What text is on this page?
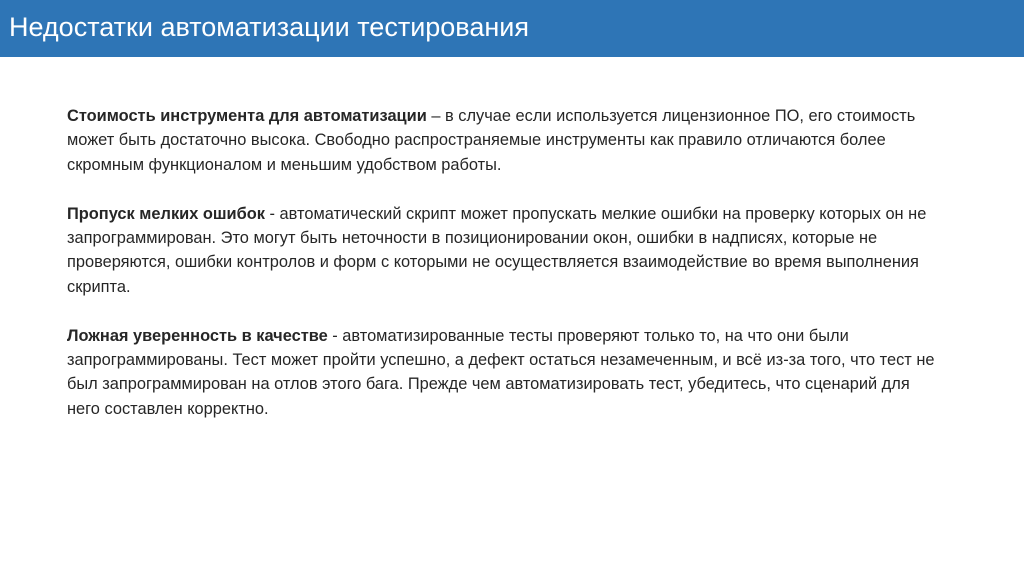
Недостатки автоматизации тестирования

Стоимость инструмента для автоматизации – в случае если используется лицензионное ПО, его стоимость может быть достаточно высока. Свободно распространяемые инструменты как правило отличаются более скромным функционалом и меньшим удобством работы.

Пропуск мелких ошибок - автоматический скрипт может пропускать мелкие ошибки на проверку которых он не запрограммирован. Это могут быть неточности в позиционировании окон, ошибки в надписях, которые не проверяются, ошибки контролов и форм с которыми не осуществляется взаимодействие во время выполнения скрипта.

Ложная уверенность в качестве - автоматизированные тесты проверяют только то, на что они были запрограммированы. Тест может пройти успешно, а дефект остаться незамеченным, и всё из-за того, что тест не был запрограммирован на отлов этого бага. Прежде чем автоматизировать тест, убедитесь, что сценарий для него составлен корректно.
